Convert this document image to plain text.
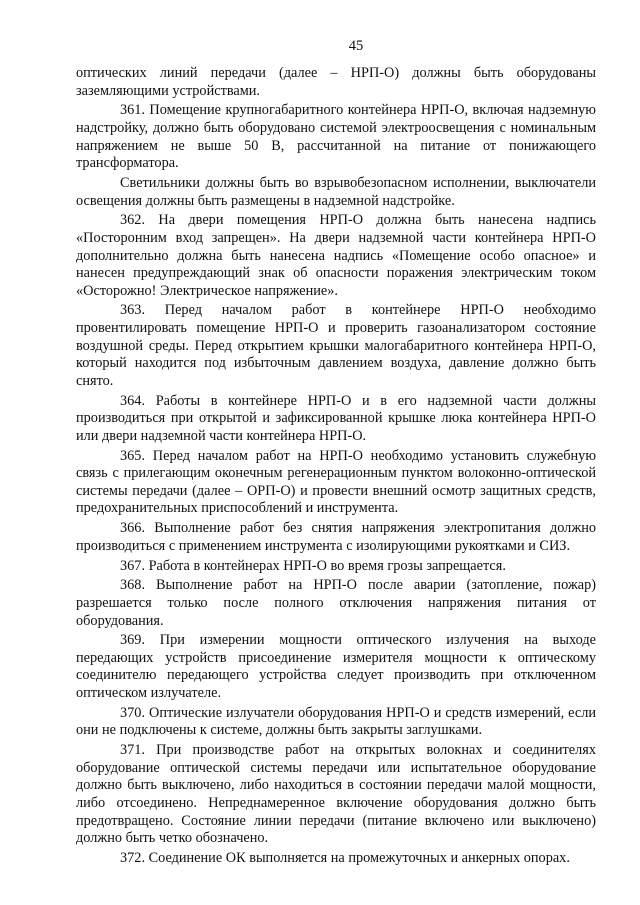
45

оптических линий передачи (далее – НРП-О) должны быть оборудованы заземляющими устройствами.

361. Помещение крупногабаритного контейнера НРП-О, включая надземную надстройку, должно быть оборудовано системой электроосвещения с номинальным напряжением не выше 50 В, рассчитанной на питание от понижающего трансформатора.

Светильники должны быть во взрывобезопасном исполнении, выключатели освещения должны быть размещены в надземной надстройке.

362. На двери помещения НРП-О должна быть нанесена надпись «Посторонним вход запрещен». На двери надземной части контейнера НРП-О дополнительно должна быть нанесена надпись «Помещение особо опасное» и нанесен предупреждающий знак об опасности поражения электрическим током «Осторожно! Электрическое напряжение».

363. Перед началом работ в контейнере НРП-О необходимо провентилировать помещение НРП-О и проверить газоанализатором состояние воздушной среды. Перед открытием крышки малогабаритного контейнера НРП-О, который находится под избыточным давлением воздуха, давление должно быть снято.

364. Работы в контейнере НРП-О и в его надземной части должны производиться при открытой и зафиксированной крышке люка контейнера НРП-О или двери надземной части контейнера НРП-О.

365. Перед началом работ на НРП-О необходимо установить служебную связь с прилегающим оконечным регенерационным пунктом волоконно-оптической системы передачи (далее – ОРП-О) и провести внешний осмотр защитных средств, предохранительных приспособлений и инструмента.

366. Выполнение работ без снятия напряжения электропитания должно производиться с применением инструмента с изолирующими рукоятками и СИЗ.

367. Работа в контейнерах НРП-О во время грозы запрещается.

368. Выполнение работ на НРП-О после аварии (затопление, пожар) разрешается только после полного отключения напряжения питания от оборудования.

369. При измерении мощности оптического излучения на выходе передающих устройств присоединение измерителя мощности к оптическому соединителю передающего устройства следует производить при отключенном оптическом излучателе.

370. Оптические излучатели оборудования НРП-О и средств измерений, если они не подключены к системе, должны быть закрыты заглушками.

371. При производстве работ на открытых волокнах и соединителях оборудование оптической системы передачи или испытательное оборудование должно быть выключено, либо находиться в состоянии передачи малой мощности, либо отсоединено. Непреднамеренное включение оборудования должно быть предотвращено. Состояние линии передачи (питание включено или выключено) должно быть четко обозначено.

372. Соединение ОК выполняется на промежуточных и анкерных опорах.
